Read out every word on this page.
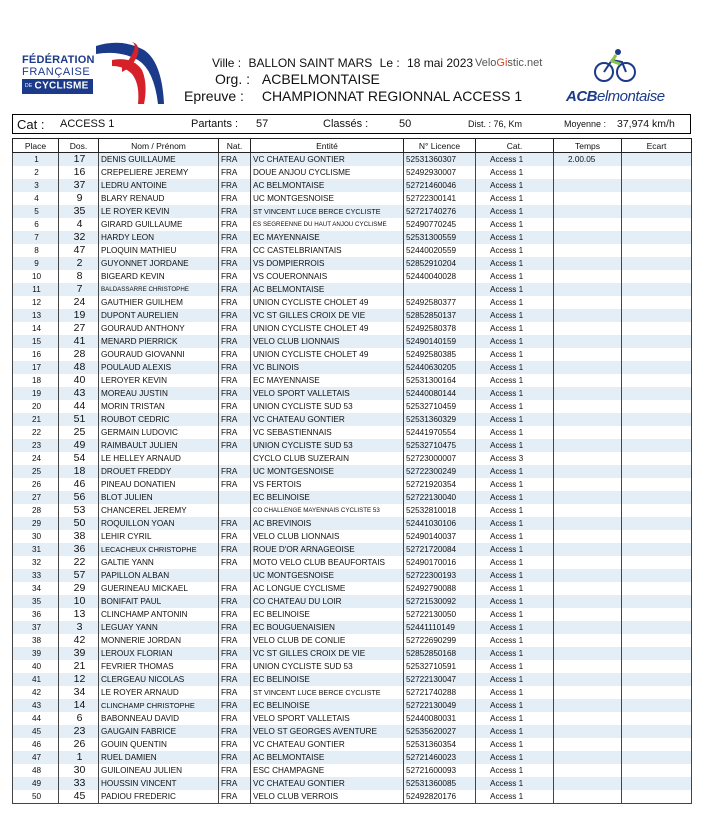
FÉDÉRATION
FRANÇAISE
DE CYCLISME
Ville : BALLON SAINT MARS Le : 18 mai 2023
Org. : ACBELMONTAISE
Epreuve : CHAMPIONNAT REGIONNAL ACCESS 1
VeloGistic.net
ACBelmontaise
Cat : ACCESS 1	Partants : 57	Classés :	50	Dist. : 76, Km	Moyenne : 37,974 km/h
Place	Dos.	Nom / Prénom	Nat.	Entité	N° Licence	Cat.	Temps	Ecart
1	17	DENIS GUILLAUME	FRA	VC CHATEAU GONTIER	52531360307	Access 1	2.00.05	
2	16	CREPELIERE JEREMY	FRA	DOUE ANJOU CYCLISME	52492930007	Access 1		
3	37	LEDRU ANTOINE	FRA	AC BELMONTAISE	52721460046	Access 1		
4	9	BLARY RENAUD	FRA	UC MONTGESNOISE	52722300141	Access 1		
5	35	LE ROYER KEVIN	FRA	ST VINCENT LUCE BERCE CYCLISTE	52721740276	Access 1		
6	4	GIRARD GUILLAUME	FRA	ES SEGREENNE DU HAUT ANJOU CYCLISME	52490770245	Access 1		
7	32	HARDY LEON	FRA	EC MAYENNAISE	52531300559	Access 1		
8	47	PLOQUIN MATHIEU	FRA	CC CASTELBRIANTAIS	52440020559	Access 1		
9	2	GUYONNET JORDANE	FRA	VS DOMPIERROIS	52852910204	Access 1		
10	8	BIGEARD KEVIN	FRA	VS COUERONNAIS	52440040028	Access 1		
11	7	BALDASSARRE CHRISTOPHE	FRA	AC BELMONTAISE		Access 1		
12	24	GAUTHIER GUILHEM	FRA	UNION CYCLISTE CHOLET 49	52492580377	Access 1		
13	19	DUPONT AURELIEN	FRA	VC ST GILLES CROIX DE VIE	52852850137	Access 1		
14	27	GOURAUD ANTHONY	FRA	UNION CYCLISTE CHOLET 49	52492580378	Access 1		
15	41	MENARD PIERRICK	FRA	VELO CLUB LIONNAIS	52490140159	Access 1		
16	28	GOURAUD GIOVANNI	FRA	UNION CYCLISTE CHOLET 49	52492580385	Access 1		
17	48	POULAUD ALEXIS	FRA	VC BLINOIS	52440630205	Access 1		
18	40	LEROYER KEVIN	FRA	EC MAYENNAISE	52531300164	Access 1		
19	43	MOREAU JUSTIN	FRA	VELO SPORT VALLETAIS	52440080144	Access 1		
20	44	MORIN TRISTAN	FRA	UNION CYCLISTE SUD 53	52532710459	Access 1		
21	51	ROUBOT CEDRIC	FRA	VC CHATEAU GONTIER	52531360329	Access 1		
22	25	GERMAIN LUDOVIC	FRA	VC SEBASTIENNAIS	52441970554	Access 1		
23	49	RAIMBAULT JULIEN	FRA	UNION CYCLISTE SUD 53	52532710475	Access 1		
24	54	LE HELLEY ARNAUD		CYCLO CLUB SUZERAIN	52723000007	Access 3		
25	18	DROUET FREDDY	FRA	UC MONTGESNOISE	52722300249	Access 1		
26	46	PINEAU DONATIEN	FRA	VS FERTOIS	52721920354	Access 1		
27	56	BLOT JULIEN		EC BELINOISE	52722130040	Access 1		
28	53	CHANCEREL JEREMY		CO CHALLENGE MAYENNAIS CYCLISTE 53	52532810018	Access 1		
29	50	ROQUILLON YOAN	FRA	AC BREVINOIS	52441030106	Access 1		
30	38	LEHIR CYRIL	FRA	VELO CLUB LIONNAIS	52490140037	Access 1		
31	36	LECACHEUX CHRISTOPHE	FRA	ROUE D'OR ARNAGEOISE	52721720084	Access 1		
32	22	GALTIE YANN	FRA	MOTO VELO CLUB BEAUFORTAIS	52490170016	Access 1		
33	57	PAPILLON ALBAN		UC MONTGESNOISE	52722300193	Access 1		
34	29	GUERINEAU MICKAEL	FRA	AC LONGUE CYCLISME	52492790088	Access 1		
35	10	BONIFAIT PAUL	FRA	CO CHATEAU DU LOIR	52721530092	Access 1		
36	13	CLINCHAMP ANTONIN	FRA	EC BELINOISE	52722130050	Access 1		
37	3	LEGUAY YANN	FRA	EC BOUGUENAISIEN	52441110149	Access 1		
38	42	MONNERIE JORDAN	FRA	VELO CLUB DE CONLIE	52722690299	Access 1		
39	39	LEROUX FLORIAN	FRA	VC ST GILLES CROIX DE VIE	52852850168	Access 1		
40	21	FEVRIER THOMAS	FRA	UNION CYCLISTE SUD 53	52532710591	Access 1		
41	12	CLERGEAU NICOLAS	FRA	EC BELINOISE	52722130047	Access 1		
42	34	LE ROYER ARNAUD	FRA	ST VINCENT LUCE BERCE CYCLISTE	52721740288	Access 1		
43	14	CLINCHAMP CHRISTOPHE	FRA	EC BELINOISE	52722130049	Access 1		
44	6	BABONNEAU DAVID	FRA	VELO SPORT VALLETAIS	52440080031	Access 1		
45	23	GAUGAIN FABRICE	FRA	VELO ST GEORGES AVENTURE	52535620027	Access 1		
46	26	GOUIN QUENTIN	FRA	VC CHATEAU GONTIER	52531360354	Access 1		
47	1	RUEL DAMIEN	FRA	AC BELMONTAISE	52721460023	Access 1		
48	30	GUILOINEAU JULIEN	FRA	ESC CHAMPAGNE	52721600093	Access 1		
49	33	HOUSSIN VINCENT	FRA	VC CHATEAU GONTIER	52531360085	Access 1		
50	45	PADIOU FREDERIC	FRA	VELO CLUB VERROIS	52492820176	Access 1		
